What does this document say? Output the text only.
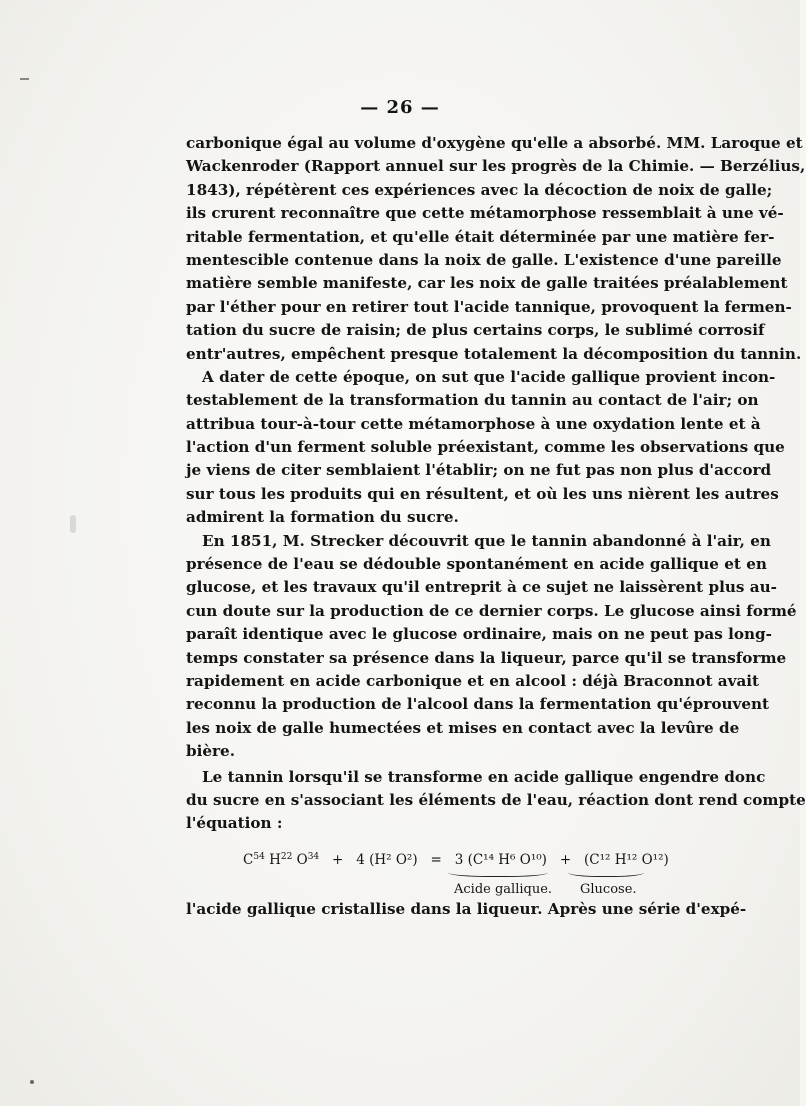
— 26 —
carbonique égal au volume d'oxygène qu'elle a absorbé. MM. Laroque et
Wackenroder (Rapport annuel sur les progrès de la Chimie. — Berzélius,
1843), répétèrent ces expériences avec la décoction de noix de galle;
ils crurent reconnaître que cette métamorphose ressemblait à une vé-
ritable fermentation, et qu'elle était déterminée par une matière fer-
mentescible contenue dans la noix de galle. L'existence d'une pareille
matière semble manifeste, car les noix de galle traitées préalablement
par l'éther pour en retirer tout l'acide tannique, provoquent la fermen-
tation du sucre de raisin; de plus certains corps, le sublimé corrosif
entr'autres, empêchent presque totalement la décomposition du tannin.
A dater de cette époque, on sut que l'acide gallique provient incon-
testablement de la transformation du tannin au contact de l'air; on
attribua tour-à-tour cette métamorphose à une oxydation lente et à
l'action d'un ferment soluble préexistant, comme les observations que
je viens de citer semblaient l'établir; on ne fut pas non plus d'accord
sur tous les produits qui en résultent, et où les uns nièrent les autres
admirent la formation du sucre.
En 1851, M. Strecker découvrit que le tannin abandonné à l'air, en
présence de l'eau se dédouble spontanément en acide gallique et en
glucose, et les travaux qu'il entreprit à ce sujet ne laissèrent plus au-
cun doute sur la production de ce dernier corps. Le glucose ainsi formé
paraît identique avec le glucose ordinaire, mais on ne peut pas long-
temps constater sa présence dans la liqueur, parce qu'il se transforme
rapidement en acide carbonique et en alcool : déjà Braconnot avait
reconnu la production de l'alcool dans la fermentation qu'éprouvent
les noix de galle humectées et mises en contact avec la levûre de
bière.
Le tannin lorsqu'il se transforme en acide gallique engendre donc
du sucre en s'associant les éléments de l'eau, réaction dont rend compte
l'équation :
$C^{54}$ $H^{22}$ $O^{34} + 4$ (H² O²) = 3 (C¹⁴ H⁶ O¹⁰) + (C¹² H¹² O¹²)
Acide gallique. Glucose.
l'acide gallique cristallise dans la liqueur. Après une série d'expé-
